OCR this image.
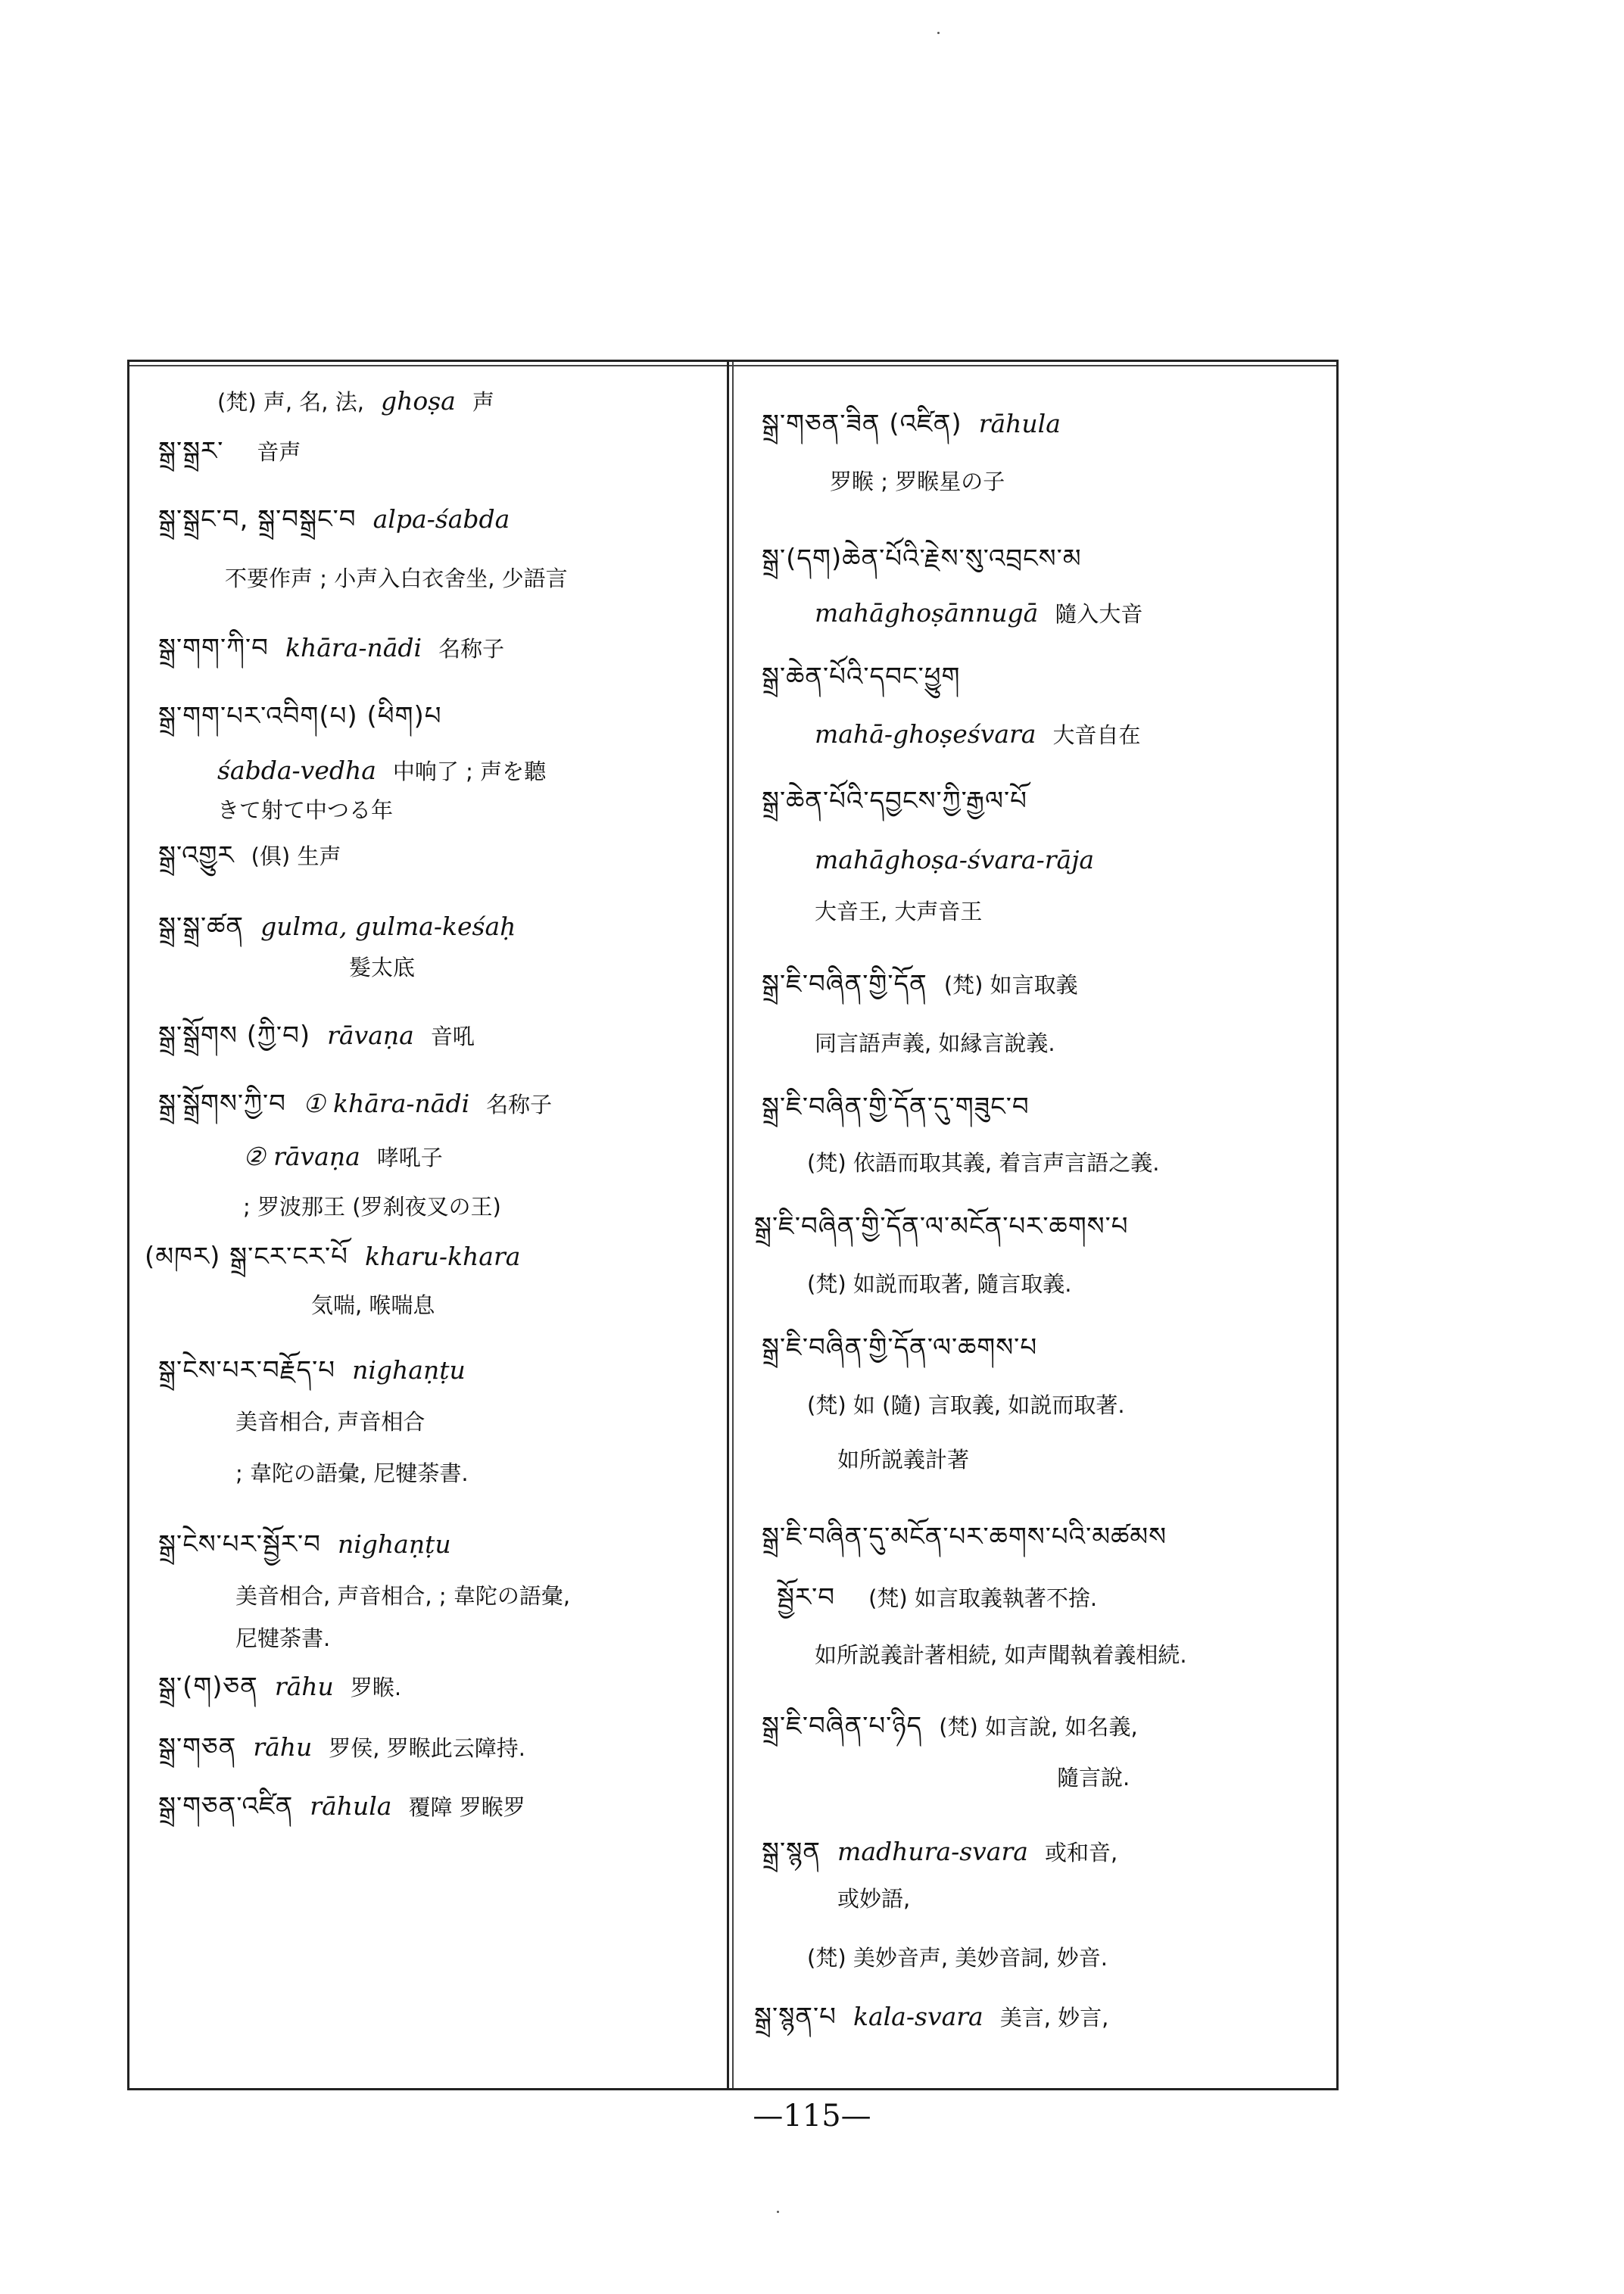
(梵) 声, 名, 法, ghoṣa 声
སྒྲ་སྒྲར་ 音声
སྒྲ་སྒྲང་བ, སྒྲ་བསྒྲང་བ alpa-śabda
不要作声 ; 小声入白衣舍坐, 少語言
སྒྲ་གག་ཀི་བ khāra-nādi 名称子
སྒྲ་གག་པར་འབིག(པ) (ཕིག)པ
śabda-vedha 中响了 ; 声を聽
きて射て中つる年
སྒྲ་འགྱུར (俱) 生声
སྒྲ་སྒྲ་ཚན gulma, gulma-keśaḥ
髮太底
སྒྲ་སྒྲོགས (ཀྱི་བ) rāvaṇa 音吼
སྒྲ་སྒྲོགས་ཀྱི་བ ① khāra-nādi 名称子
② rāvaṇa 哮吼子
; 罗波那王 (罗刹夜叉の王)
(མཁར) སྒྲ་ངར་ངར་པོ kharu-khara
気喘, 喉喘息
སྒྲ་ངེས་པར་བརྗོད་པ nighaṇṭu
美音相合, 声音相合
; 韋陀の語彙, 尼犍荼書.
སྒྲ་ངེས་པར་སྦྱོར་བ nighaṇṭu
美音相合, 声音相合, ; 韋陀の語彙,
尼犍荼書.
སྒྲ་(ག)ཅན rāhu 罗睺.
སྒྲ་གཅན rāhu 罗侯, 罗睺此云障持.
སྒྲ་གཅན་འཛིན rāhula 覆障 罗睺罗
སྒྲ་གཅན་ཟིན (འཛིན) rāhula
罗睺 ; 罗睺星の子
སྒྲ་(དག)ཆེན་པོའི་རྗེས་སུ་འབྲངས་མ
mahāghoṣānnugā 隨入大音
སྒྲ་ཆེན་པོའི་དབང་ཕྱུག
mahā-ghoṣeśvara 大音自在
སྒྲ་ཆེན་པོའི་དབྱངས་ཀྱི་རྒྱལ་པོ
mahāghoṣa-śvara-rāja
大音王, 大声音王
སྒྲ་ཇི་བཞིན་གྱི་དོན (梵) 如言取義
同言語声義, 如縁言說義.
སྒྲ་ཇི་བཞིན་གྱི་དོན་དུ་གཟུང་བ
(梵) 依語而取其義, 着言声言語之義.
སྒྲ་ཇི་བཞིན་གྱི་དོན་ལ་མངོན་པར་ཆགས་པ
(梵) 如説而取著, 隨言取義.
སྒྲ་ཇི་བཞིན་གྱི་དོན་ལ་ཆགས་པ
(梵) 如 (隨) 言取義, 如説而取著.
如所説義計著
སྒྲ་ཇི་བཞིན་དུ་མངོན་པར་ཆགས་པའི་མཚམས
སྦྱོར་བ (梵) 如言取義執著不捨.
如所説義計著相続, 如声聞執着義相続.
སྒྲ་ཇི་བཞིན་པ་ཉིད (梵) 如言說, 如名義,
隨言說.
སྒྲ་སྙན madhura-svara 或和音,
或妙語,
(梵) 美妙音声, 美妙音詞, 妙音.
སྒྲ་སྙན་པ kala-svara 美言, 妙言,
—115—
